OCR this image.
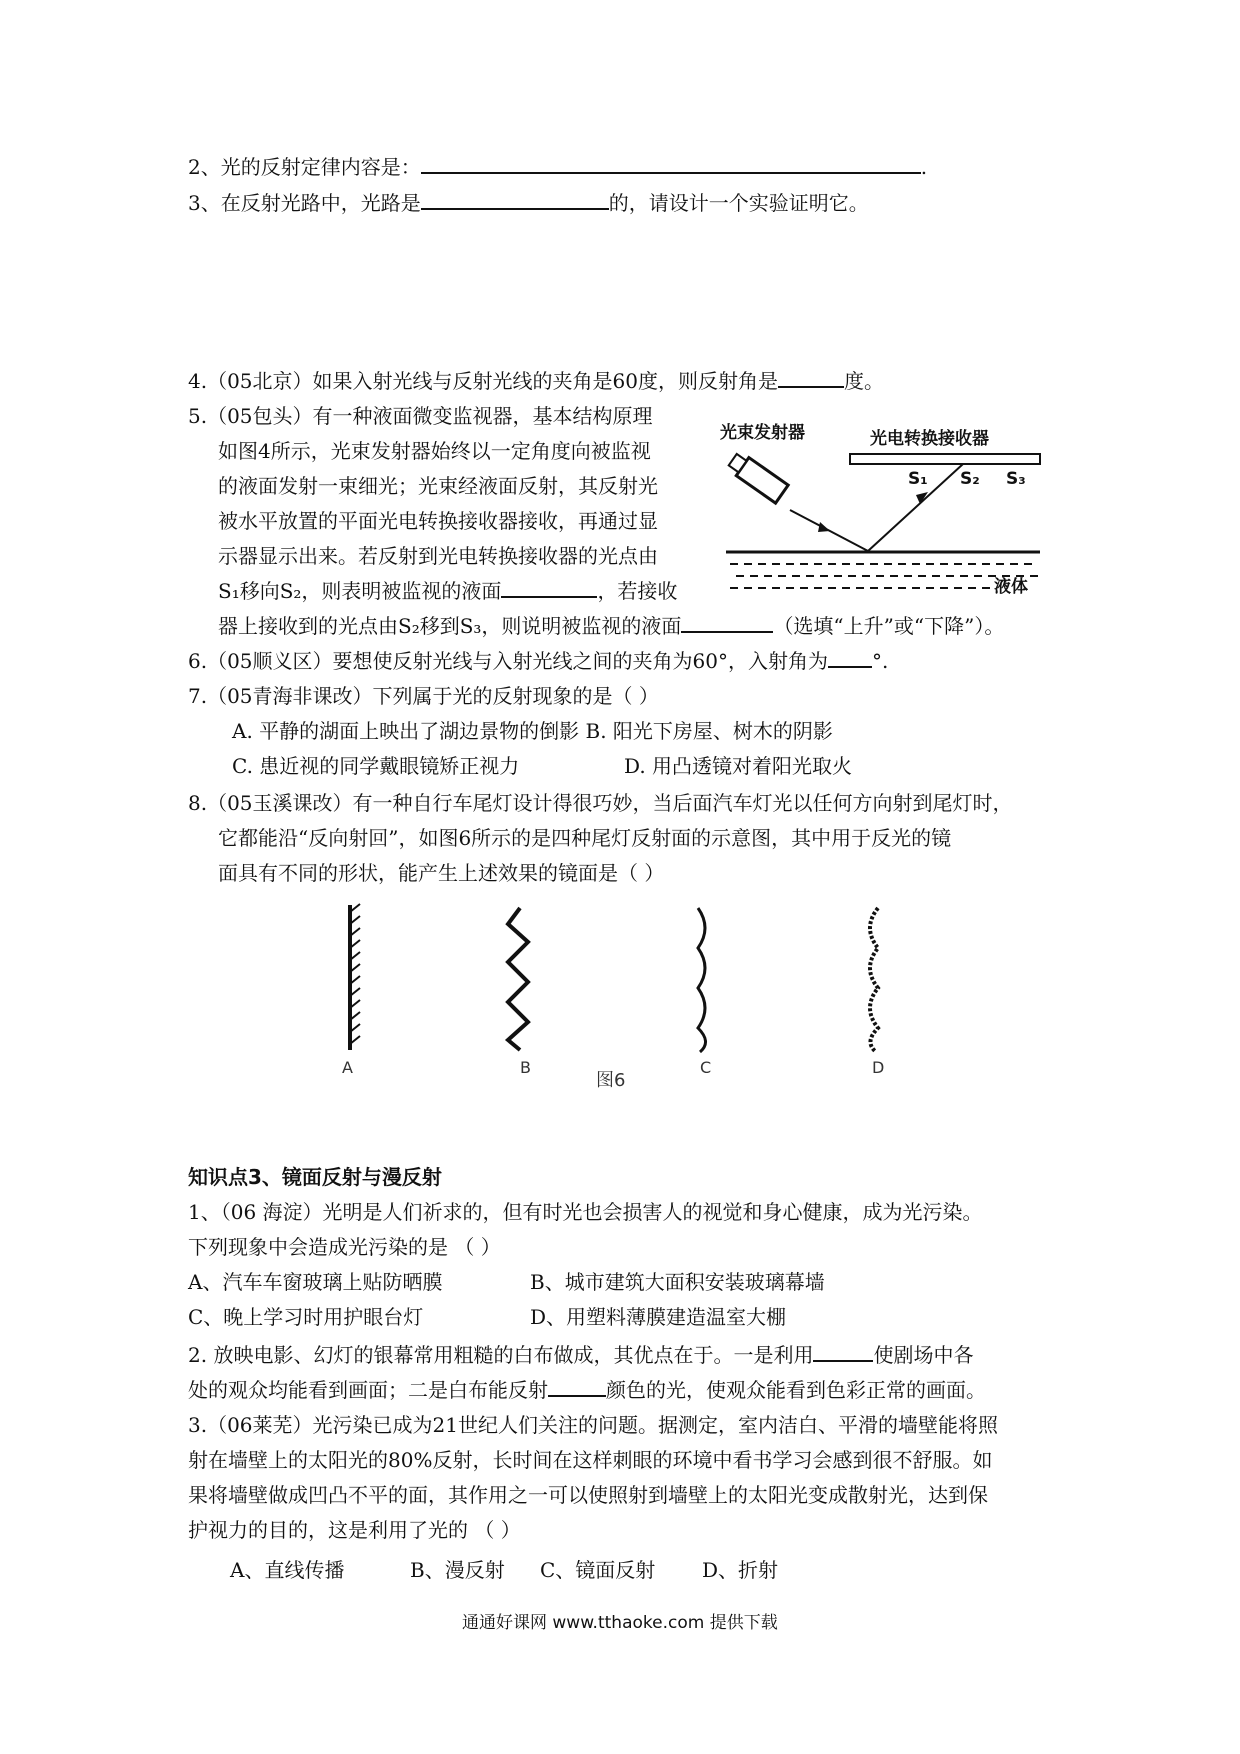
2、光的反射定律内容是：	.
3、在反射光路中，光路是	的，请设计一个实验证明它。
4.（05北京）如果入射光线与反射光线的夹角是60度，则反射角是	度。
5.（05包头）有一种液面微变监视器，基本结构原理
如图4所示，光束发射器始终以一定角度向被监视
的液面发射一束细光；光束经液面反射，其反射光
被水平放置的平面光电转换接收器接收，再通过显
示器显示出来。若反射到光电转换接收器的光点由
S₁移向S₂，则表明被监视的液面	，若接收
器上接收到的光点由S₂移到S₃，则说明被监视的液面	（选填“上升”或“下降”）。
光束发射器	光电转换接收器
S₁ S₂ S₃
液体
6.（05顺义区）要想使反射光线与入射光线之间的夹角为60°，入射角为 °.
7.（05青海非课改）下列属于光的反射现象的是（ ）
A. 平静的湖面上映出了湖边景物的倒影 B. 阳光下房屋、树木的阴影
C. 患近视的同学戴眼镜矫正视力	D. 用凸透镜对着阳光取火
8.（05玉溪课改）有一种自行车尾灯设计得很巧妙，当后面汽车灯光以任何方向射到尾灯时，
它都能沿“反向射回”，如图6所示的是四种尾灯反射面的示意图，其中用于反光的镜
面具有不同的形状，能产生上述效果的镜面是（ ）
A	B
图6
C	D
知识点3、镜面反射与漫反射
1、（06 海淀）光明是人们祈求的，但有时光也会损害人的视觉和身心健康，成为光污染。
下列现象中会造成光污染的是 （ ）
A、汽车车窗玻璃上贴防晒膜	B、城市建筑大面积安装玻璃幕墙
C、晚上学习时用护眼台灯	D、用塑料薄膜建造温室大棚
2. 放映电影、幻灯的银幕常用粗糙的白布做成，其优点在于。一是利用	使剧场中各
处的观众均能看到画面；二是白布能反射	颜色的光，使观众能看到色彩正常的画面。
3.（06莱芜）光污染已成为21世纪人们关注的问题。据测定，室内洁白、平滑的墙壁能将照
射在墙壁上的太阳光的80%反射，长时间在这样刺眼的环境中看书学习会感到很不舒服。如
果将墙壁做成凹凸不平的面，其作用之一可以使照射到墙壁上的太阳光变成散射光，达到保
护视力的目的，这是利用了光的 （ ）
A、直线传播	B、漫反射 C、镜面反射 D、折射
通通好课网 www.tthaoke.com 提供下载
